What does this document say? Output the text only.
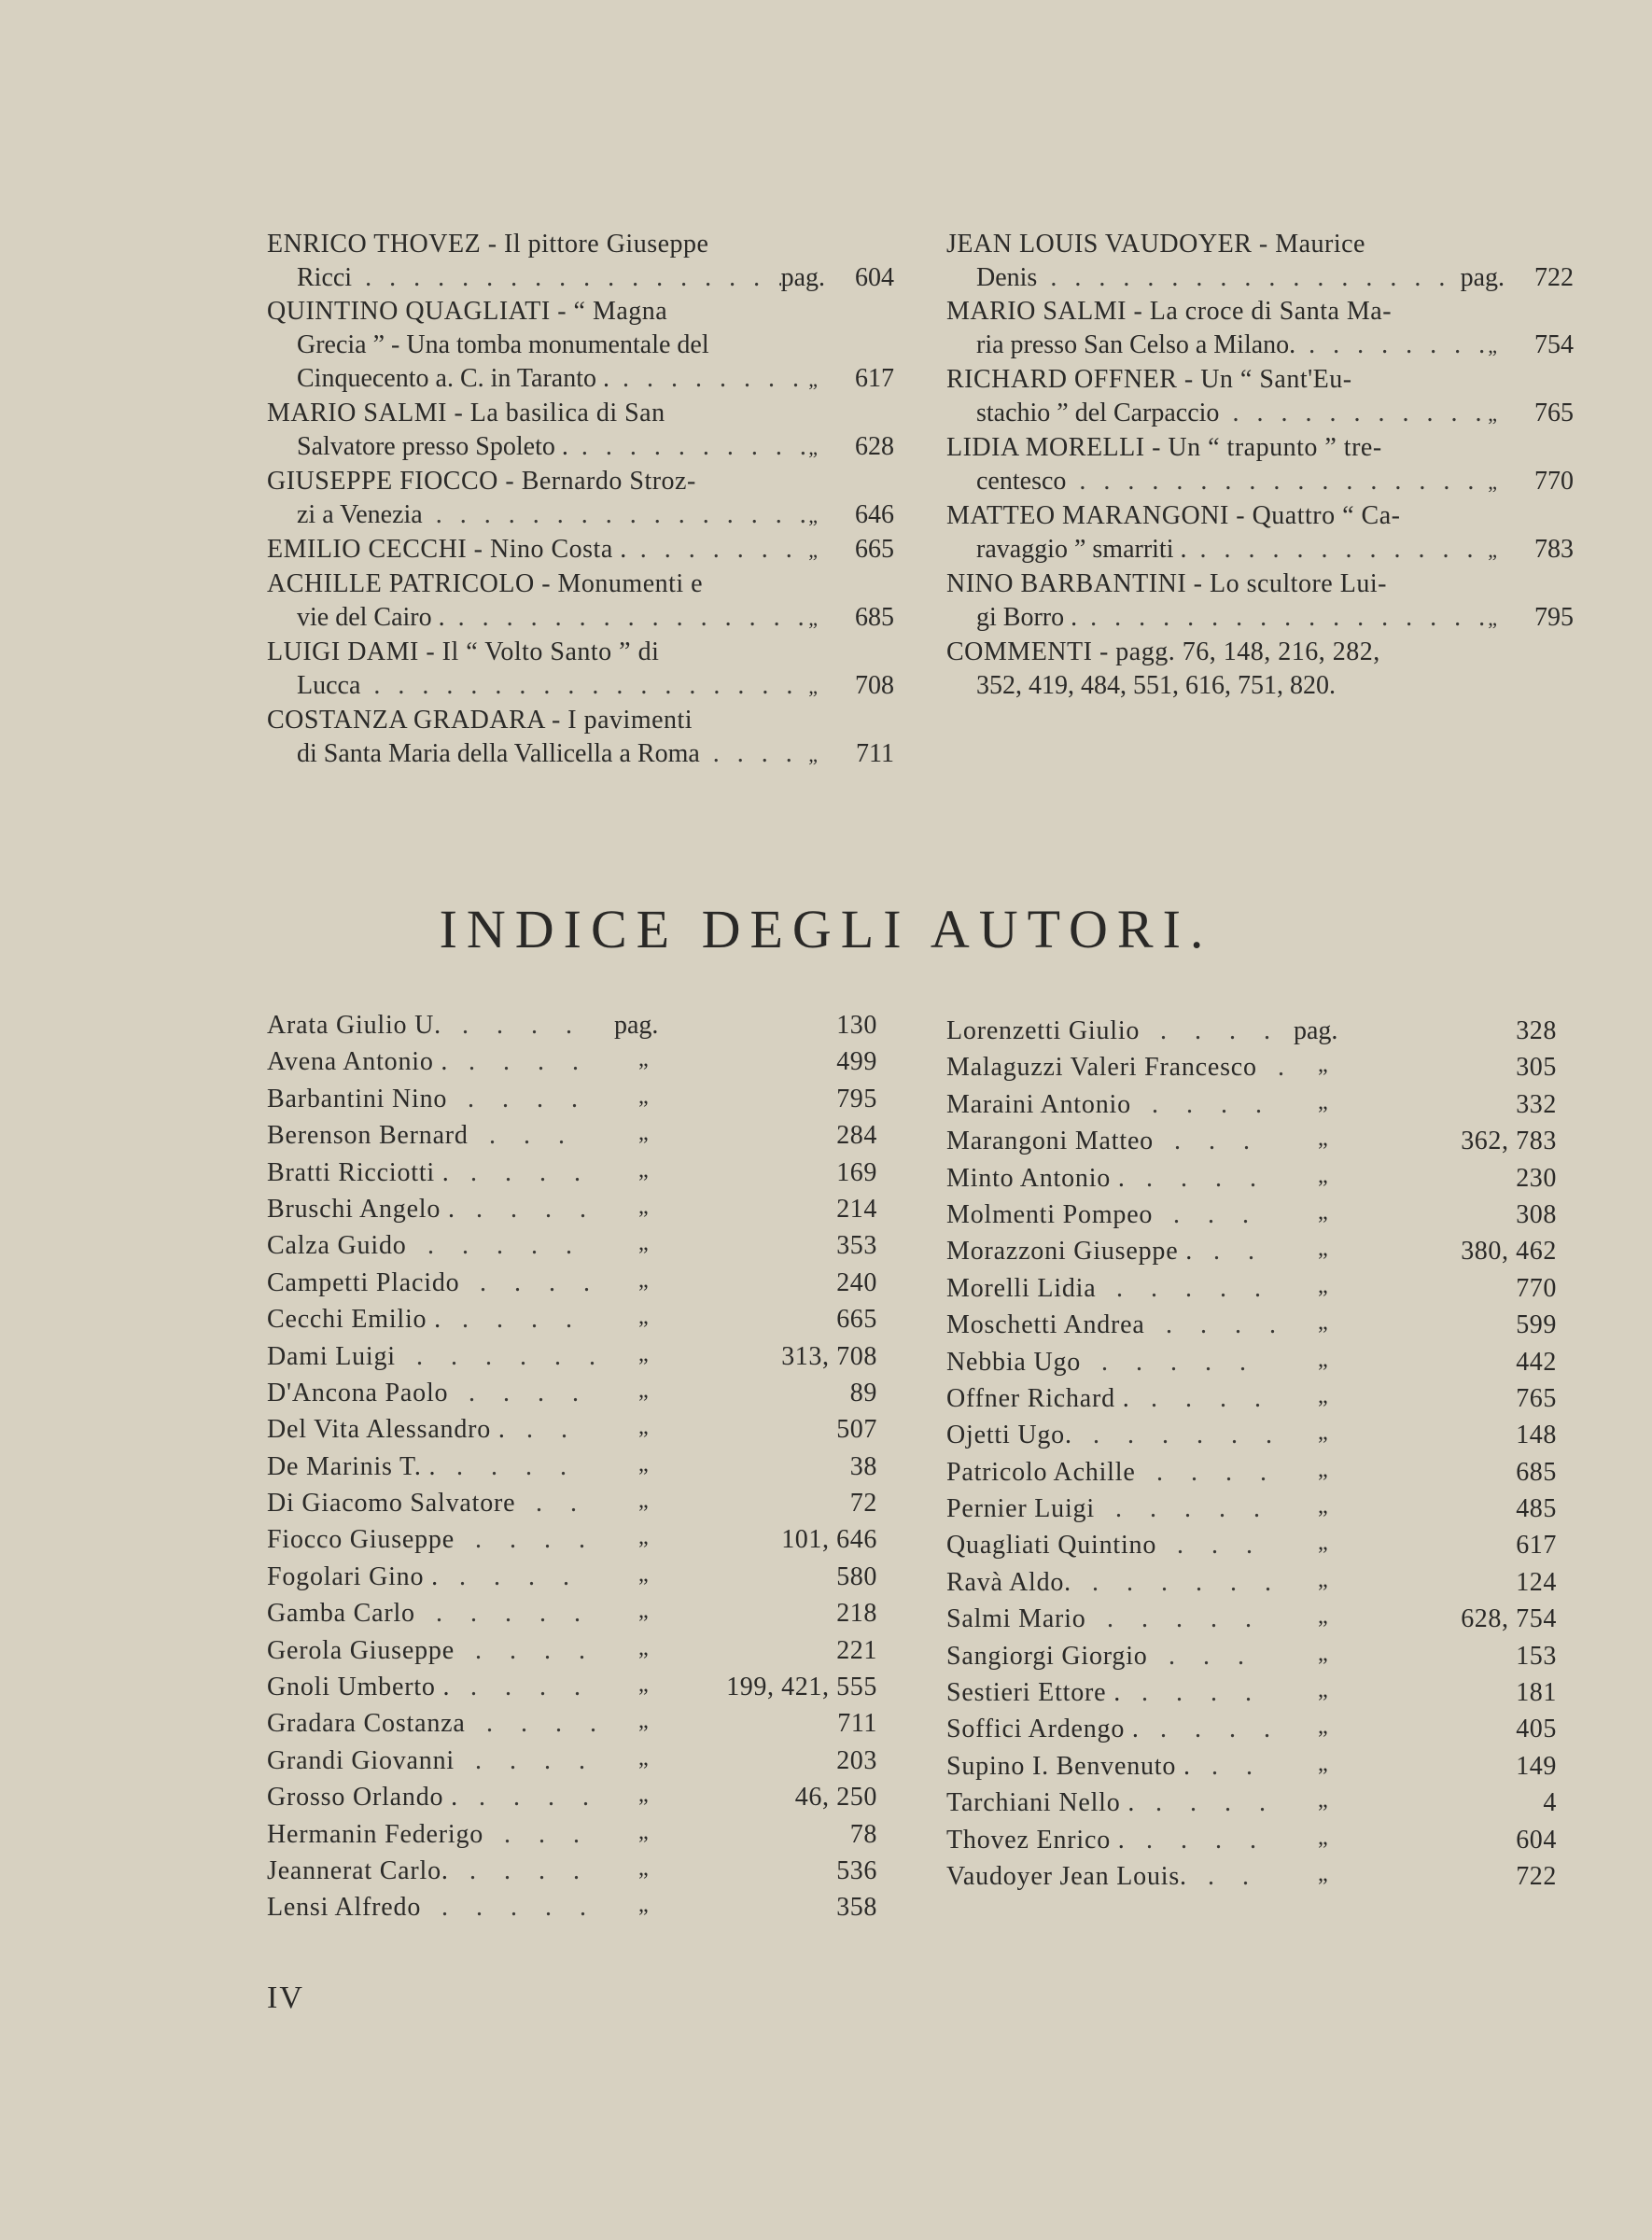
ENRICO THOVEZ - Il pittore Giuseppe
Ricci .....	pag.	604
QUINTINO QUAGLIATI - “ Magna
Grecia ” - Una tomba monumentale del
Cinquecento a. C. in Taranto . .....	„	617
MARIO SALMI - La basilica di San
Salvatore presso Spoleto . .....	„	628
GIUSEPPE FIOCCO - Bernardo Stroz-
zi a Venezia .....	„	646
EMILIO CECCHI - Nino Costa . .....	„	665
ACHILLE PATRICOLO - Monumenti e
vie del Cairo . .....	„	685
LUIGI DAMI - Il “ Volto Santo ” di
Lucca .....	„	708
COSTANZA GRADARA - I pavimenti
di Santa Maria della Vallicella a Roma .....	„	711
JEAN LOUIS VAUDOYER - Maurice
Denis .....	pag.	722
MARIO SALMI - La croce di Santa Ma-
ria presso San Celso a Milano. .....	„	754
RICHARD OFFNER - Un “ Sant'Eu-
stachio ” del Carpaccio .....	„	765
LIDIA MORELLI - Un “ trapunto ” tre-
centesco .....	„	770
MATTEO MARANGONI - Quattro “ Ca-
ravaggio ” smarriti . .....	„	783
NINO BARBANTINI - Lo scultore Lui-
gi Borro . .....	„	795
COMMENTI - pagg. 76, 148, 216, 282,
352, 419, 484, 551, 616, 751, 820.
INDICE DEGLI AUTORI.
....
Arata Giulio U.	pag.	130
....
Avena Antonio .	„	499
....
Barbantini Nino	„	795
...
Berenson Bernard	„	284
....
Bratti Ricciotti .	„	169
....
Bruschi Angelo .	„	214
.....
Calza Guido	„	353
....
Campetti Placido	„	240
....
Cecchi Emilio .	„	665
......
Dami Luigi	„	313, 708
....
D'Ancona Paolo	„	89
..
Del Vita Alessandro .	„	507
....
De Marinis T. .	„	38
..
Di Giacomo Salvatore	„	72
....
Fiocco Giuseppe	„	101, 646
....
Fogolari Gino .	„	580
.....
Gamba Carlo	„	218
....
Gerola Giuseppe	„	221
....
Gnoli Umberto .	„	199, 421, 555
....
Gradara Costanza	„	711
....
Grandi Giovanni	„	203
....
Grosso Orlando .	„	46, 250
...
Hermanin Federigo	„	78
....
Jeannerat Carlo.	„	536
.....
Lensi Alfredo	„	358
....
Lorenzetti Giulio	pag.	328
.
Malaguzzi Valeri Francesco	„	305
....
Maraini Antonio	„	332
...
Marangoni Matteo	„	362, 783
....
Minto Antonio .	„	230
...
Molmenti Pompeo	„	308
..
Morazzoni Giuseppe .	„	380, 462
.....
Morelli Lidia	„	770
....
Moschetti Andrea	„	599
.....
Nebbia Ugo	„	442
....
Offner Richard .	„	765
......
Ojetti Ugo.	„	148
....
Patricolo Achille	„	685
.....
Pernier Luigi	„	485
...
Quagliati Quintino	„	617
......
Ravà Aldo.	„	124
.....
Salmi Mario	„	628, 754
...
Sangiorgi Giorgio	„	153
....
Sestieri Ettore .	„	181
....
Soffici Ardengo .	„	405
..
Supino I. Benvenuto .	„	149
....
Tarchiani Nello .	„	4
....
Thovez Enrico .	„	604
..
Vaudoyer Jean Louis.	„	722
IV
